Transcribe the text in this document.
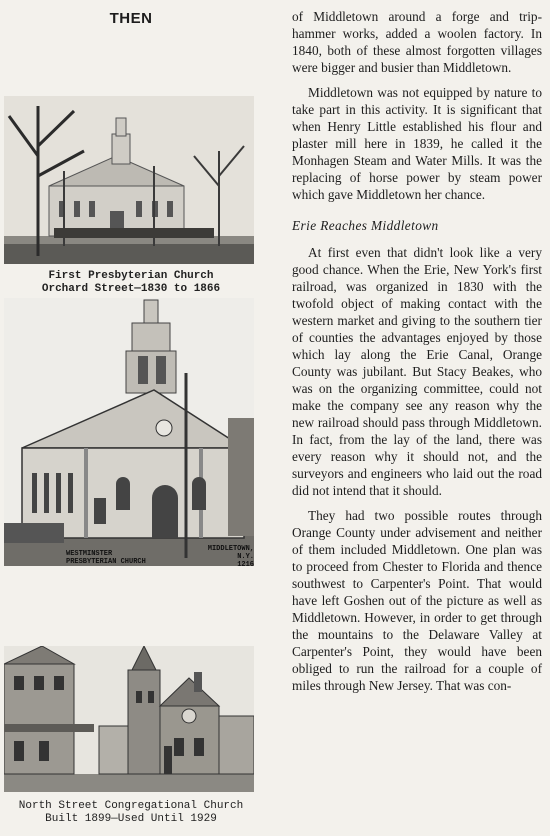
THEN
First Presbyterian Church
Orchard Street—1830 to 1866
WESTMINSTER
PRESBYTERIAN CHURCH
MIDDLETOWN, N.Y.
1216
North Street Congregational Church
Built 1899—Used Until 1929

of Middletown around a forge and trip-hammer works, added a woolen factory. In 1840, both of these almost forgotten villages were bigger and busier than Middletown.

Middletown was not equipped by nature to take part in this activity. It is significant that when Henry Little established his flour and plaster mill here in 1839, he called it the Monhagen Steam and Water Mills. It was the replacing of horse power by steam power which gave Middletown her chance.

Erie Reaches Middletown

At first even that didn't look like a very good chance. When the Erie, New York's first railroad, was organized in 1830 with the twofold object of making contact with the western market and giving to the southern tier of counties the advantages enjoyed by those which lay along the Erie Canal, Orange County was jubilant. But Stacy Beakes, who was on the organizing committee, could not make the company see any reason why the new railroad should pass through Middletown. In fact, from the lay of the land, there was every reason why it should not, and the surveyors and engineers who laid out the road did not intend that it should.

They had two possible routes through Orange County under advisement and neither of them included Middletown. One plan was to proceed from Chester to Florida and thence southwest to Carpenter's Point. That would have left Goshen out of the picture as well as Middletown. However, in order to get through the mountains to the Delaware Valley at Carpenter's Point, they would have been obliged to run the railroad for a couple of miles through New Jersey. That was con-
